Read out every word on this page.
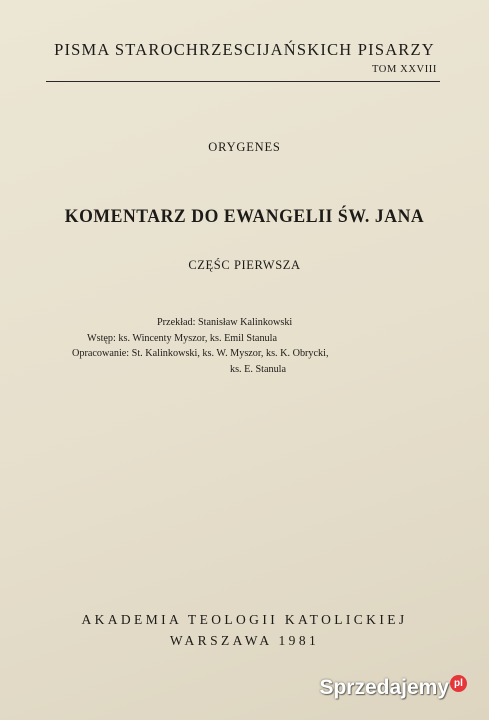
PISMA STAROCHRZESCIJAŃSKICH PISARZY
TOM XXVIII
ORYGENES
KOMENTARZ DO EWANGELII ŚW. JANA
CZĘŚC PIERWSZA
Przekład: Stanisław Kalinkowski
Wstęp: ks. Wincenty Myszor, ks. Emil Stanula
Opracowanie: St. Kalinkowski, ks. W. Myszor, ks. K. Obrycki,
ks. E. Stanula
AKADEMIA TEOLOGII KATOLICKIEJ
WARSZAWA 1981
Sprzedajemy pl
